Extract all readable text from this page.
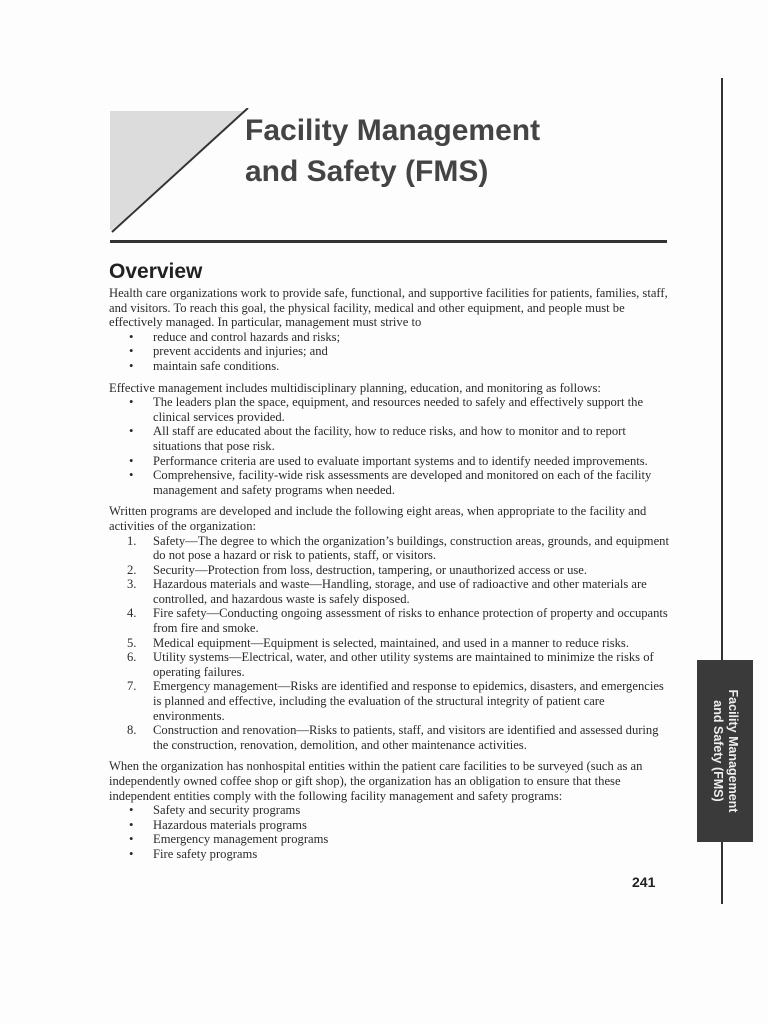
Facility Management
and Safety (FMS)
Facility Management
and Safety (FMS)
Overview

Health care organizations work to provide safe, functional, and supportive facilities for patients, families, staff, and visitors. To reach this goal, the physical facility, medical and other equipment, and people must be effectively managed. In particular, management must strive to

• reduce and control hazards and risks;
• prevent accidents and injuries; and
• maintain safe conditions.

Effective management includes multidisciplinary planning, education, and monitoring as follows:

• The leaders plan the space, equipment, and resources needed to safely and effectively support the clinical services provided.
• All staff are educated about the facility, how to reduce risks, and how to monitor and to report situations that pose risk.
• Performance criteria are used to evaluate important systems and to identify needed improvements.
• Comprehensive, facility-wide risk assessments are developed and monitored on each of the facility management and safety programs when needed.

Written programs are developed and include the following eight areas, when appropriate to the facility and activities of the organization:

1. Safety—The degree to which the organization’s buildings, construction areas, grounds, and equipment do not pose a hazard or risk to patients, staff, or visitors.
2. Security—Protection from loss, destruction, tampering, or unauthorized access or use.
3. Hazardous materials and waste—Handling, storage, and use of radioactive and other materials are controlled, and hazardous waste is safely disposed.
4. Fire safety—Conducting ongoing assessment of risks to enhance protection of property and occupants from fire and smoke.
5. Medical equipment—Equipment is selected, maintained, and used in a manner to reduce risks.
6. Utility systems—Electrical, water, and other utility systems are maintained to minimize the risks of operating failures.
7. Emergency management—Risks are identified and response to epidemics, disasters, and emergencies is planned and effective, including the evaluation of the structural integrity of patient care environments.
8. Construction and renovation—Risks to patients, staff, and visitors are identified and assessed during the construction, renovation, demolition, and other maintenance activities.

When the organization has nonhospital entities within the patient care facilities to be surveyed (such as an independently owned coffee shop or gift shop), the organization has an obligation to ensure that these independent entities comply with the following facility management and safety programs:

• Safety and security programs
• Hazardous materials programs
• Emergency management programs
• Fire safety programs
241
